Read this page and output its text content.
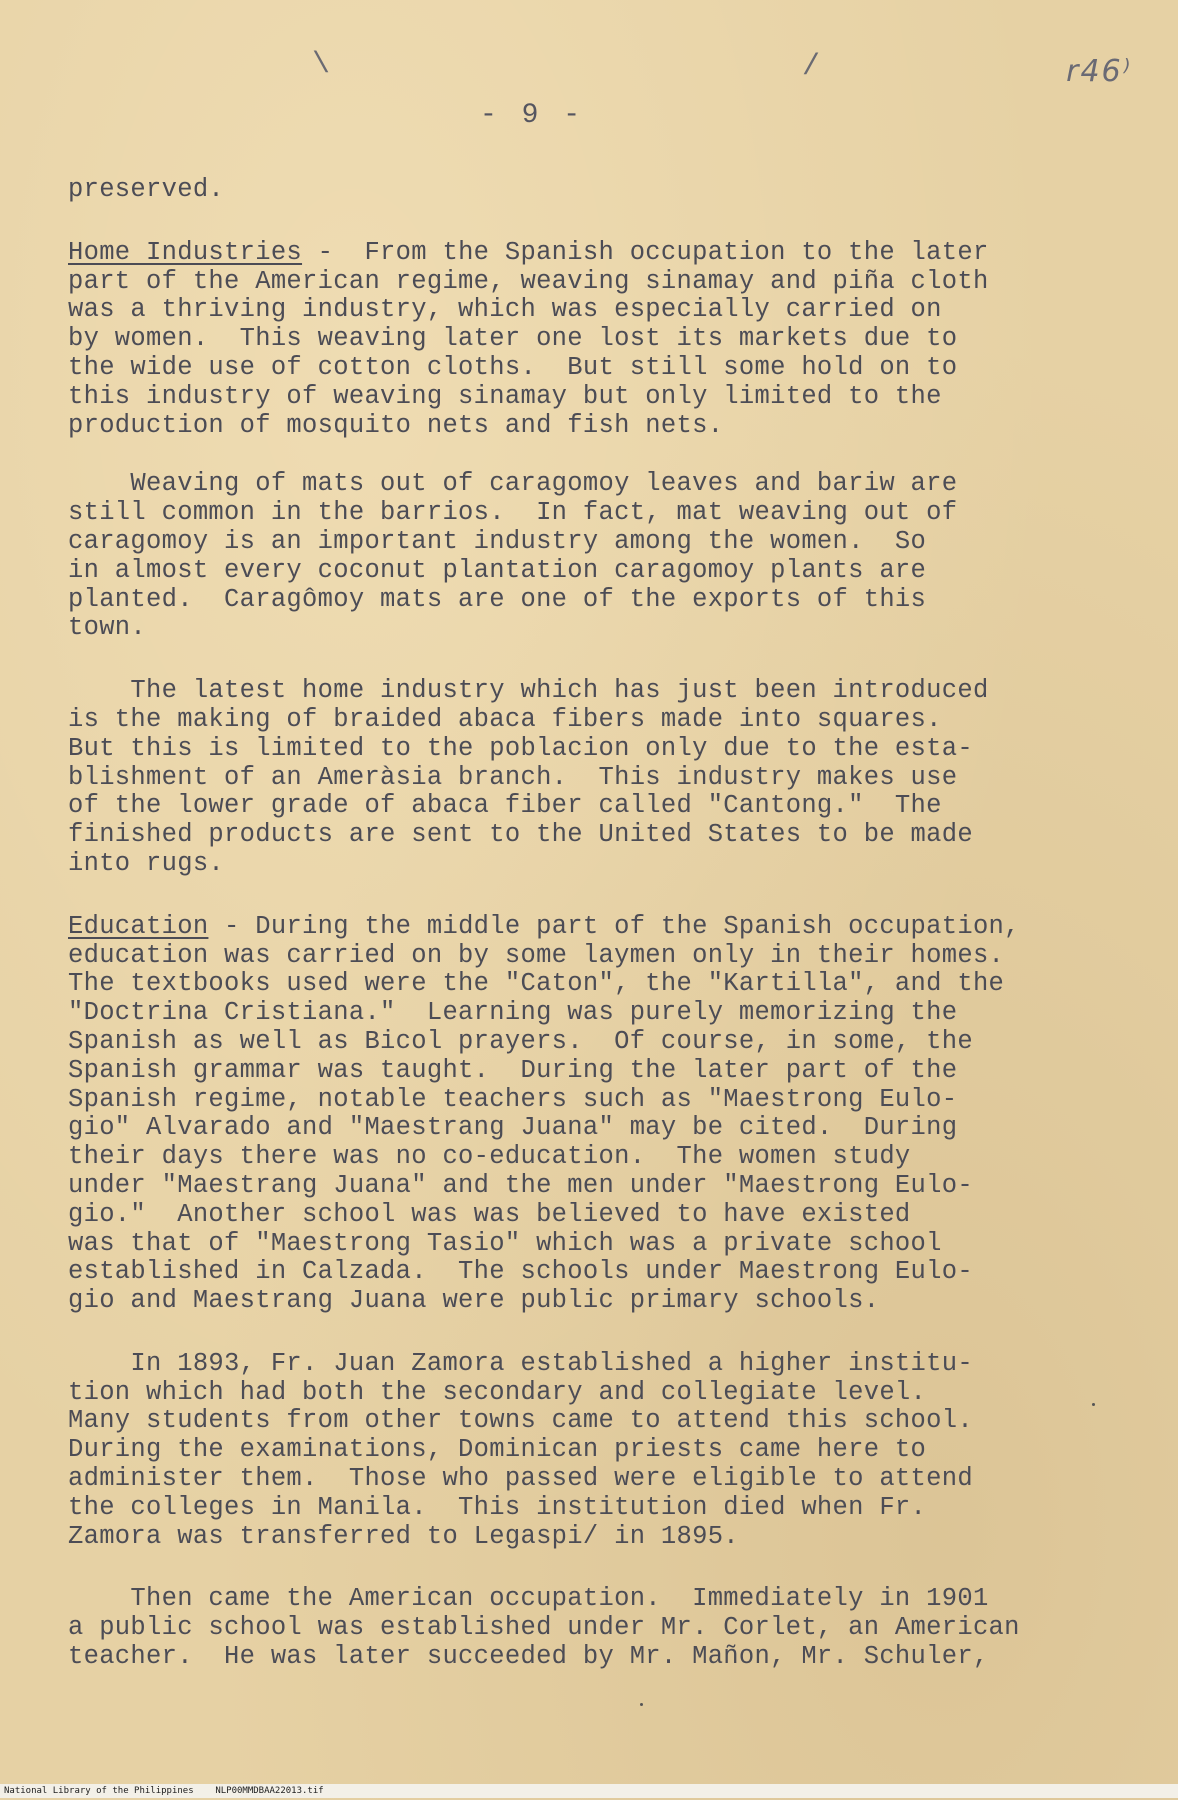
\	/	r46⁾
- 9 -

preserved.

Home Industries -  From the Spanish occupation to the later

part of the American regime, weaving sinamay and piña cloth

was a thriving industry, which was especially carried on

by women.  This weaving later one lost its markets due to

the wide use of cotton cloths.  But still some hold on to

this industry of weaving sinamay but only limited to the

production of mosquito nets and fish nets.

Weaving of mats out of caragomoy leaves and bariw are

still common in the barrios.  In fact, mat weaving out of

caragomoy is an important industry among the women.  So

in almost every coconut plantation caragomoy plants are

planted.  Caragômoy mats are one of the exports of this

town.

The latest home industry which has just been introduced

is the making of braided abaca fibers made into squares.

But this is limited to the poblacion only due to the esta-

blishment of an Ameràsia branch.  This industry makes use

of the lower grade of abaca fiber called "Cantong."  The

finished products are sent to the United States to be made

into rugs.

Education - During the middle part of the Spanish occupation,

education was carried on by some laymen only in their homes.

The textbooks used were the "Caton", the "Kartilla", and the

"Doctrina Cristiana."  Learning was purely memorizing the

Spanish as well as Bicol prayers.  Of course, in some, the

Spanish grammar was taught.  During the later part of the

Spanish regime, notable teachers such as "Maestrong Eulo-

gio" Alvarado and "Maestrang Juana" may be cited.  During

their days there was no co-education.  The women study

under "Maestrang Juana" and the men under "Maestrong Eulo-

gio."  Another school was was believed to have existed

was that of "Maestrong Tasio" which was a private school

established in Calzada.  The schools under Maestrong Eulo-

gio and Maestrang Juana were public primary schools.

In 1893, Fr. Juan Zamora established a higher institu-

tion which had both the secondary and collegiate level.

Many students from other towns came to attend this school.

During the examinations, Dominican priests came here to

administer them.  Those who passed were eligible to attend

the colleges in Manila.  This institution died when Fr.

Zamora was transferred to Legaspi/ in 1895.

Then came the American occupation.  Immediately in 1901

a public school was established under Mr. Corlet, an American

teacher.  He was later succeeded by Mr. Mañon, Mr. Schuler,

National Library of the Philippines    NLP00MMDBAA22013.tif
